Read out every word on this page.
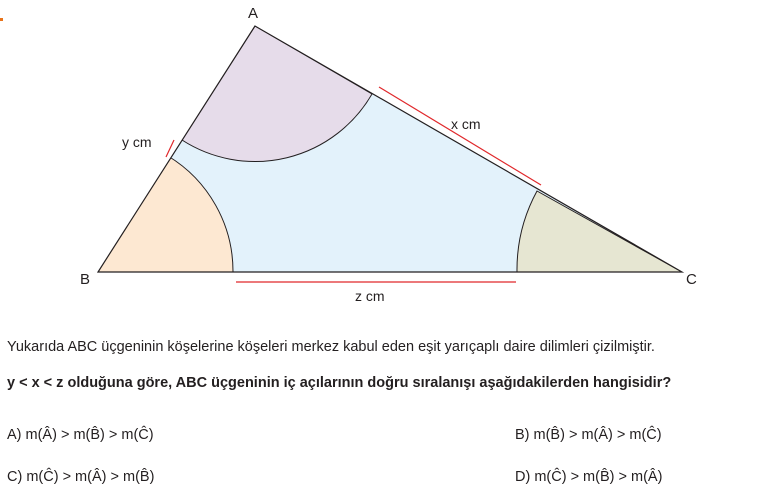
A
B	C
x cm
y cm
z cm
Yukarıda ABC üçgeninin köşelerine köşeleri merkez kabul eden eşit yarıçaplı daire dilimleri çizilmiştir.
y < x < z olduğuna göre, ABC üçgeninin iç açılarının doğru sıralanışı aşağıdakilerden hangisidir?
A) m(Â) > m(B̂) > m(Ĉ)	B) m(B̂) > m(Â) > m(Ĉ)
C) m(Ĉ) > m(Â) > m(B̂)	D) m(Ĉ) > m(B̂) > m(Â)
